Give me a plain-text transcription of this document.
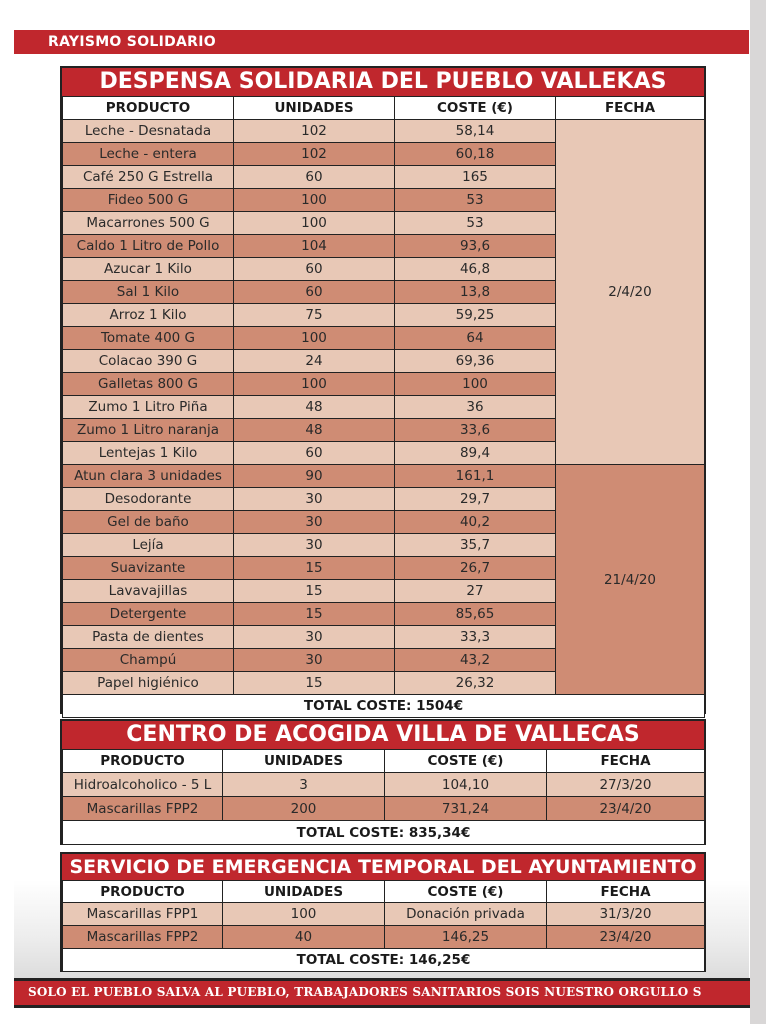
RAYISMO SOLIDARIO
DESPENSA SOLIDARIA DEL PUEBLO VALLEKAS
PRODUCTO	UNIDADES	COSTE (€)	FECHA
Leche - Desnatada	102	58,14	2/4/20
Leche - entera	102	60,18	
Café 250 G Estrella	60	165	
Fideo 500 G	100	53	
Macarrones 500 G	100	53	
Caldo 1 Litro de Pollo	104	93,6	
Azucar 1 Kilo	60	46,8	
Sal 1 Kilo	60	13,8	
Arroz 1 Kilo	75	59,25	
Tomate 400 G	100	64	
Colacao 390 G	24	69,36	
Galletas 800 G	100	100	
Zumo 1 Litro Piña	48	36	
Zumo 1 Litro naranja	48	33,6	
Lentejas 1 Kilo	60	89,4	
Atun clara 3 unidades	90	161,1	21/4/20
Desodorante	30	29,7	
Gel de baño	30	40,2	
Lejía	30	35,7	
Suavizante	15	26,7	
Lavavajillas	15	27	
Detergente	15	85,65	
Pasta de dientes	30	33,3	
Champú	30	43,2	
Papel higiénico	15	26,32	
TOTAL COSTE: 1504€			
CENTRO DE ACOGIDA VILLA DE VALLECAS
PRODUCTO	UNIDADES	COSTE (€)	FECHA
Hidroalcoholico - 5 L	3	104,10	27/3/20
Mascarillas FPP2	200	731,24	23/4/20
TOTAL COSTE: 835,34€			
SERVICIO DE EMERGENCIA TEMPORAL DEL AYUNTAMIENTO
PRODUCTO	UNIDADES	COSTE (€)	FECHA
Mascarillas FPP1	100	Donación privada	31/3/20
Mascarillas FPP2	40	146,25	23/4/20
TOTAL COSTE: 146,25€			
SOLO EL PUEBLO SALVA AL PUEBLO, TRABAJADORES SANITARIOS SOIS NUESTRO ORGULLO S
